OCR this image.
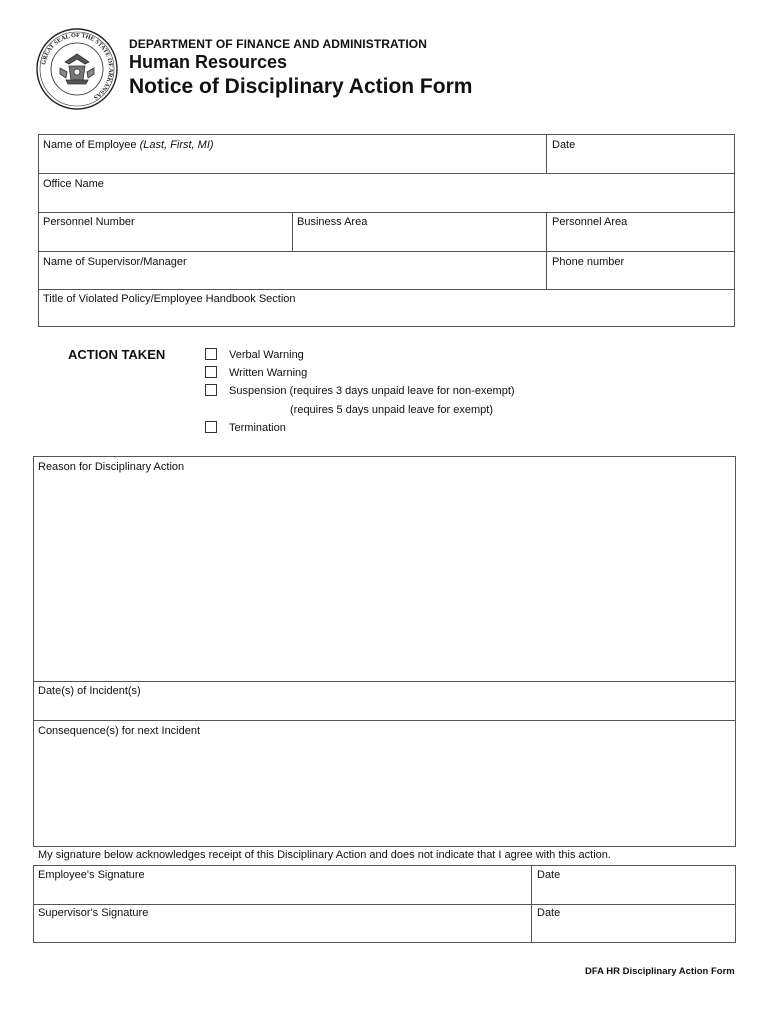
GREAT SEAL OF THE STATE OF ARKANSAS
DEPARTMENT OF FINANCE AND ADMINISTRATION
Human Resources
Notice of Disciplinary Action Form
Name of Employee (Last, First, MI)	Date
Office Name
Personnel Number	Business Area	Personnel Area
Name of Supervisor/Manager	Phone number
Title of Violated Policy/Employee Handbook Section
ACTION TAKEN	Verbal Warning
Written Warning
Suspension (requires 3 days unpaid leave for non-exempt)
(requires 5 days unpaid leave for exempt)
Termination
Reason for Disciplinary Action
Date(s) of Incident(s)
Consequence(s) for next Incident
My signature below acknowledges receipt of this Disciplinary Action and does not indicate that I agree with this action.
Employee's Signature	Date
Supervisor's Signature	Date
DFA HR Disciplinary Action Form
